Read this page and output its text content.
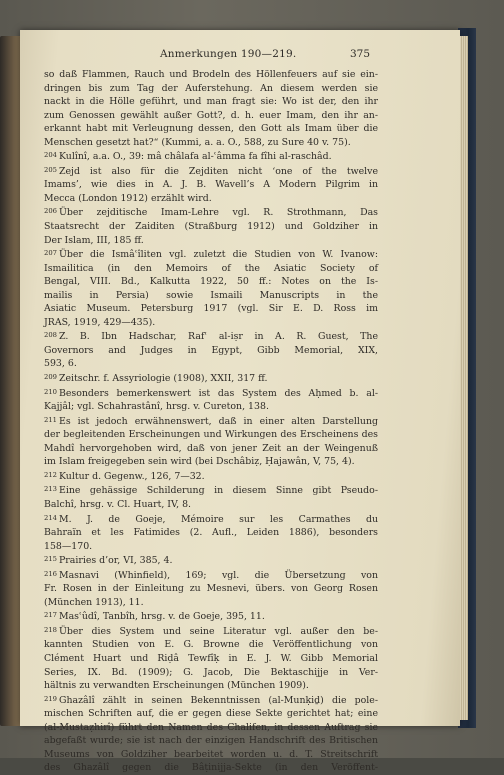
Anmerkungen 190—219.	375
so daß Flammen, Rauch und Brodeln des Höllenfeuers auf sie ein-
dringen bis zum Tag der Auferstehung. An diesem werden sie
nackt in die Hölle geführt, und man fragt sie: Wo ist der, den ihr
zum Genossen gewählt außer Gott?, d. h. euer Imam, den ihr an-
erkannt habt mit Verleugnung dessen, den Gott als Imam über die
Menschen gesetzt hat?“ (Kummi, a. a. O., 588, zu Sure 40 v. 75).
$^{204}$ Kulînî, a.a. O., 39: mâ châlafa al-ʿâmma fa fîhi al-raschâd.
$^{205}$ Zejd ist also für die Zejditen nicht ‘one of the twelve
Imams’, wie dies in A. J. B. Wavell’s A Modern Pilgrim in
Mecca (London 1912) erzählt wird.
$^{206}$ Über zejditische Imam-Lehre vgl. R. Strothmann, Das
Staatsrecht der Zaiditen (Straßburg 1912) und Goldziher in
Der Islam, III, 185 ff.
$^{207}$ Über die Ismâʿîliten vgl. zuletzt die Studien von W. Ivanow:
Ismailitica (in den Memoirs of the Asiatic Society of
Bengal, VIII. Bd., Kalkutta 1922, 50 ff.: Notes on the Is-
mailis in Persia) sowie Ismaili Manuscripts in the
Asiatic Museum. Petersburg 1917 (vgl. Sir E. D. Ross im
JRAS, 1919, 429—435).
$^{208}$ Z. B. Ibn Hadschar, Rafʿ al-iṣr in A. R. Guest, The
Governors and Judges in Egypt, Gibb Memorial, XIX,
593, 6.
$^{209}$ Zeitschr. f. Assyriologie (1908), XXII, 317 ff.
$^{210}$ Besonders bemerkenswert ist das System des Aḥmed b. al-
Kajjâl; vgl. Schahrastânî, hrsg. v. Cureton, 138.
$^{211}$ Es ist jedoch erwähnenswert, daß in einer alten Darstellung
der begleitenden Erscheinungen und Wirkungen des Erscheinens des
Mahdî hervorgehoben wird, daß von jener Zeit an der Weingenuß
im Islam freigegeben sein wird (bei Dschâbiẓ, Ḥajawân, V, 75, 4).
$^{212}$ Kultur d. Gegenw., 126, 7—32.
$^{213}$ Eine gehässige Schilderung in diesem Sinne gibt Pseudo-
Balchî, hrsg. v. Cl. Huart, IV, 8.
$^{214}$ M. J. de Goeje, Mémoire sur les Carmathes du
Bahraïn et les Fatimides (2. Aufl., Leiden 1886), besonders
158—170.
$^{215}$ Prairies d’or, VI, 385, 4.
$^{216}$ Masnavi (Whinfield), 169; vgl. die Übersetzung von
Fr. Rosen in der Einleitung zu Mesnevi, übers. von Georg Rosen
(München 1913), 11.
$^{217}$ Masʿûdî, Tanbîh, hrsg. v. de Goeje, 395, 11.
$^{218}$ Über dies System und seine Literatur vgl. außer den be-
kannten Studien von E. G. Browne die Veröffentlichung von
Clément Huart und Riḍâ Tewfîḳ in E. J. W. Gibb Memorial
Series, IX. Bd. (1909); G. Jacob, Die Bektaschijje in Ver-
hältnis zu verwandten Erscheinungen (München 1909).
$^{219}$ Ghazâlî zählt in seinen Bekenntnissen (al-Munḳiḏ) die pole-
mischen Schriften auf, die er gegen diese Sekte gerichtet hat; eine
(al-Mustaẓhirî) führt den Namen des Chalifen, in dessen Auftrag sie
abgefaßt wurde; sie ist nach der einzigen Handschrift des Britischen
Museums von Goldziher bearbeitet worden u. d. T. Streitschrift
des Ghazâlî gegen die Bâṭinijja-Sekte (in den Veröffent-
